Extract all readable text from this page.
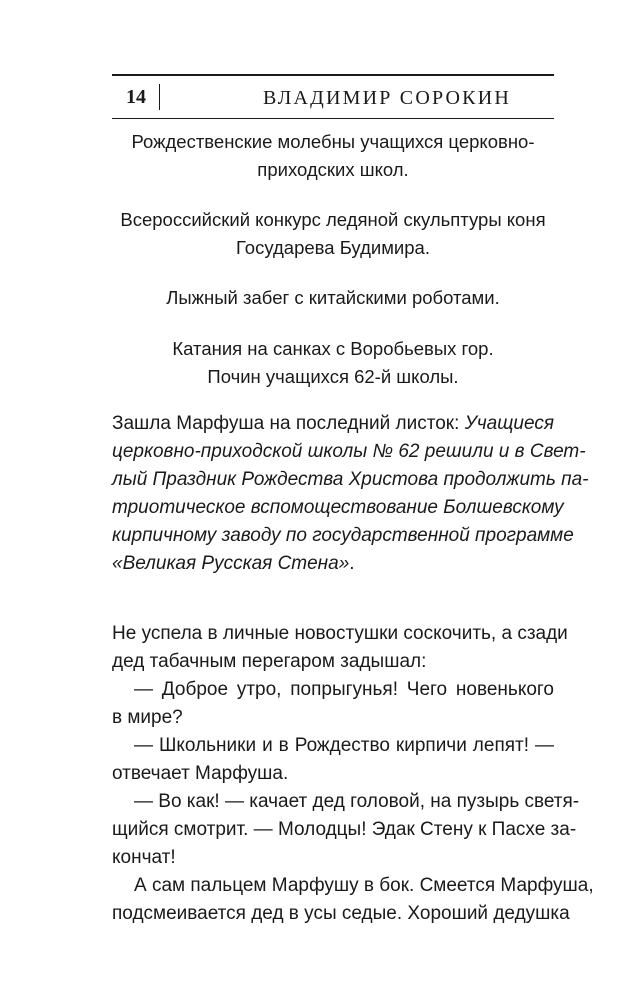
14	ВЛАДИМИР СОРОКИН
Рождественские молебны учащихся церковно-
приходских школ.
Всероссийский конкурс ледяной скульптуры коня
Государева Будимира.
Лыжный забег с китайскими роботами.
Катания на санках с Воробьевых гор.
Почин учащихся 62-й школы.
Зашла Марфуша на последний листок: Учащиеся
церковно-приходской школы № 62 решили и в Свет-
лый Праздник Рождества Христова продолжить па-
триотическое вспомоществование Болшевскому
кирпичному заводу по государственной программе
«Великая Русская Стена».
Не успела в личные новостушки соскочить, а сзади
дед табачным перегаром задышал:
— Доброе утро, попрыгунья! Чего новенького
в мире?
— Школьники и в Рождество кирпичи лепят! —
отвечает Марфуша.
— Во как! — качает дед головой, на пузырь светя-
щийся смотрит. — Молодцы! Эдак Стену к Пасхе за-
кончат!
А сам пальцем Марфушу в бок. Смеется Марфуша,
подсмеивается дед в усы седые. Хороший дедушка
